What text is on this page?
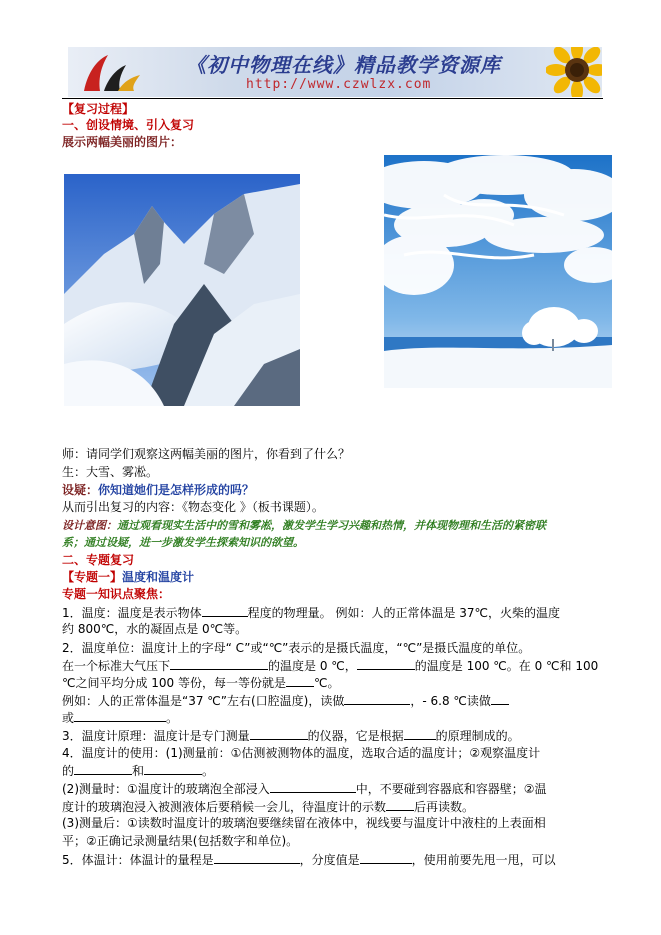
《初中物理在线》精品教学资源库
http://www.czwlzx.com
【复习过程】
一、创设情境、引入复习
展示两幅美丽的图片：
师：请同学们观察这两幅美丽的图片，你看到了什么？
生：大雪、雾凇。
设疑：你知道她们是怎样形成的吗？
从而引出复习的内容：《物态变化 》（板书课题）。
设计意图：通过观看现实生活中的雪和雾凇，激发学生学习兴趣和热情，并体现物理和生活的紧密联
系；通过设疑，进一步激发学生探索知识的欲望。
二、专题复习
【专题一】温度和温度计
专题一知识点聚焦：
1．温度：温度是表示物体	程度的物理量。 例如：人的正常体温是 37℃，火柴的温度
约 800℃，水的凝固点是 0℃等。
2．温度单位：温度计上的字母“ C”或“℃”表示的是摄氏温度，“℃”是摄氏温度的单位。
在一个标准大气压下	的温度是 0 ℃，	的温度是 100 ℃。在 0 ℃和 100
℃之间平均分成 100 等份，每一等份就是 ℃。
例如：人的正常体温是“37 ℃”左右(口腔温度)，读做	，- 6.8 ℃读做
或	。
3．温度计原理：温度计是专门测量	的仪器，它是根据	的原理制成的。
4．温度计的使用：(1)测量前：①估测被测物体的温度，选取合适的温度计；②观察温度计
的	和	。
(2)测量时：①温度计的玻璃泡全部浸入	中，不要碰到容器底和容器壁；②温
度计的玻璃泡浸入被测液体后要稍候一会儿，待温度计的示数 后再读数。
(3)测量后：①读数时温度计的玻璃泡要继续留在液体中，视线要与温度计中液柱的上表面相
平；②正确记录测量结果(包括数字和单位)。
5．体温计：体温计的量程是	，分度值是	，使用前要先甩一甩，可以
